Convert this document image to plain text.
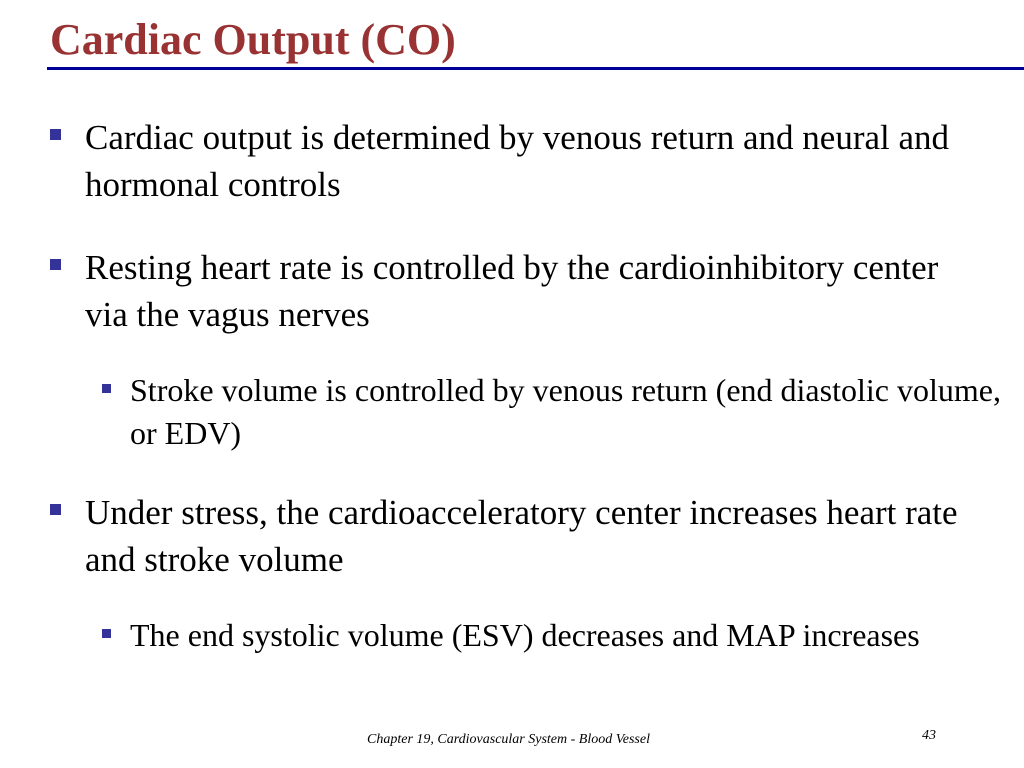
Cardiac Output (CO)
Cardiac output is determined by venous return and neural and hormonal controls
Resting heart rate is controlled by the cardioinhibitory center via the vagus nerves
Stroke volume is controlled by venous return (end diastolic volume, or EDV)
Under stress, the cardioacceleratory center increases heart rate and stroke volume
The end systolic volume (ESV) decreases and MAP increases
Chapter 19, Cardiovascular System - Blood Vessel	43
